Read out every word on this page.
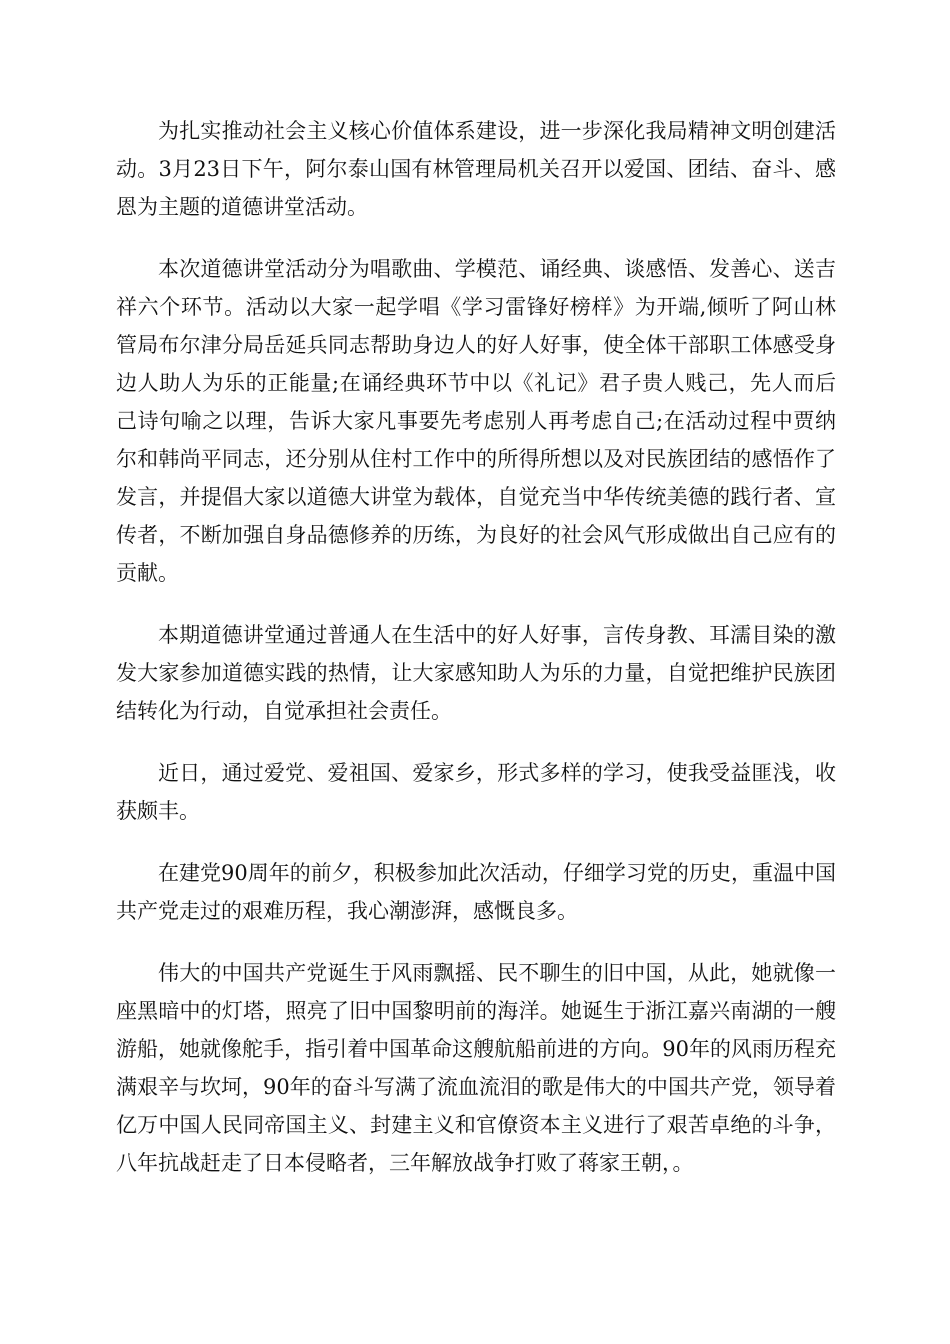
为扎实推动社会主义核心价值体系建设，进一步深化我局精神文明创建活动。3月23日下午，阿尔泰山国有林管理局机关召开以爱国、团结、奋斗、感恩为主题的道德讲堂活动。

本次道德讲堂活动分为唱歌曲、学模范、诵经典、谈感悟、发善心、送吉祥六个环节。活动以大家一起学唱《学习雷锋好榜样》为开端,倾听了阿山林管局布尔津分局岳延兵同志帮助身边人的好人好事，使全体干部职工体感受身边人助人为乐的正能量;在诵经典环节中以《礼记》君子贵人贱己，先人而后己诗句喻之以理，告诉大家凡事要先考虑别人再考虑自己;在活动过程中贾纳尔和韩尚平同志，还分别从住村工作中的所得所想以及对民族团结的感悟作了发言，并提倡大家以道德大讲堂为载体，自觉充当中华传统美德的践行者、宣传者，不断加强自身品德修养的历练，为良好的社会风气形成做出自己应有的贡献。

本期道德讲堂通过普通人在生活中的好人好事，言传身教、耳濡目染的激发大家参加道德实践的热情，让大家感知助人为乐的力量，自觉把维护民族团结转化为行动，自觉承担社会责任。

近日，通过爱党、爱祖国、爱家乡，形式多样的学习，使我受益匪浅，收获颇丰。

在建党90周年的前夕，积极参加此次活动，仔细学习党的历史，重温中国共产党走过的艰难历程，我心潮澎湃，感慨良多。

伟大的中国共产党诞生于风雨飘摇、民不聊生的旧中国，从此，她就像一座黑暗中的灯塔，照亮了旧中国黎明前的海洋。她诞生于浙江嘉兴南湖的一艘游船，她就像舵手，指引着中国革命这艘航船前进的方向。90年的风雨历程充满艰辛与坎坷，90年的奋斗写满了流血流泪的歌是伟大的中国共产党，领导着亿万中国人民同帝国主义、封建主义和官僚资本主义进行了艰苦卓绝的斗争，八年抗战赶走了日本侵略者，三年解放战争打败了蒋家王朝，。
